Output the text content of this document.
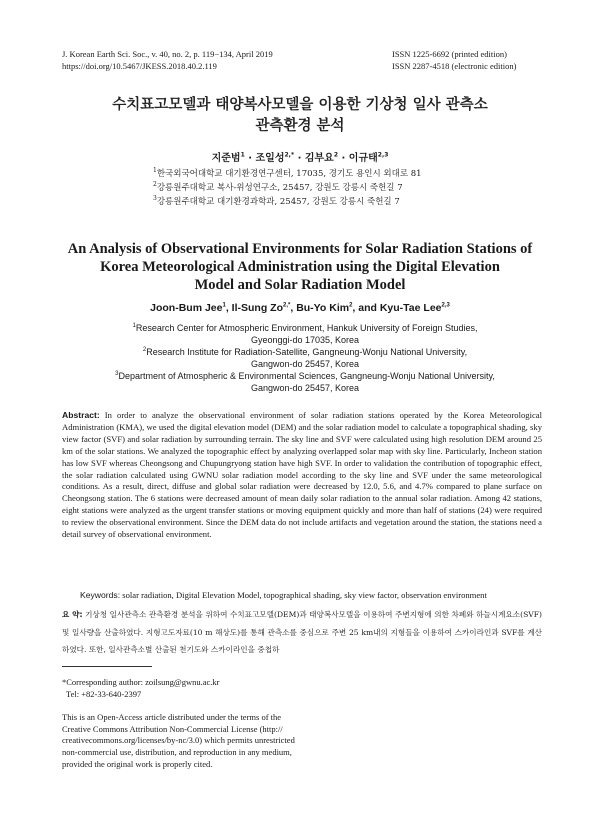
J. Korean Earth Sci. Soc., v. 40, no. 2, p. 119−134, April 2019
https://doi.org/10.5467/JKESS.2018.40.2.119
ISSN 1225-6692 (printed edition)
ISSN 2287-4518 (electronic edition)
수치표고모델과 태양복사모델을 이용한 기상청 일사 관측소
관측환경 분석
지준범$^1$ · 조일성$^{2,*}$ · 김부요$^2$ · 이규태$^{2,3}$
$^1$한국외국어대학교 대기환경연구센터, 17035, 경기도 용인시 외대로 81
$^2$강릉원주대학교 복사-위성연구소, 25457, 강원도 강릉시 죽헌길 7
$^3$강릉원주대학교 대기환경과학과, 25457, 강원도 강릉시 죽헌길 7
An Analysis of Observational Environments for Solar Radiation Stations of
Korea Meteorological Administration using the Digital Elevation
Model and Solar Radiation Model
Joon-Bum Jee$^1$, Il-Sung $Zo^{2,*}$, Bu-Yo Kim$^2$, and Kyu-Tae Lee$^{2,3}$
$^1$Research Center for Atmospheric Environment, Hankuk University of Foreign Studies,
Gyeonggi-do 17035, Korea
$^2$Research Institute for Radiation-Satellite, Gangneung-Wonju National University,
Gangwon-do 25457, Korea
$^3$Department of Atmospheric & Environmental Sciences, Gangneung-Wonju National University,
Gangwon-do 25457, Korea
Abstract: In order to analyze the observational environment of solar radiation stations operated by the Korea Meteorological Administration (KMA), we used the digital elevation model (DEM) and the solar radiation model to calculate a topographical shading, sky view factor (SVF) and solar radiation by surrounding terrain. The sky line and SVF were calculated using high resolution DEM around 25 km of the solar stations. We analyzed the topographic effect by analyzing overlapped solar map with sky line. Particularly, Incheon station has low SVF whereas Cheongsong and Chupungryong station have high SVF. In order to validation the contribution of topographic effect, the solar radiation calculated using GWNU solar radiation model according to the sky line and SVF under the same meteorological conditions. As a result, direct, diffuse and global solar radiation were decreased by 12.0, 5.6, and 4.7% compared to plane surface on Cheongsong station. The 6 stations were decreased amount of mean daily solar radiation to the annual solar radiation. Among 42 stations, eight stations were analyzed as the urgent transfer stations or moving equipment quickly and more than half of stations (24) were required to review the observational environment. Since the DEM data do not include artifacts and vegetation around the station, the stations need a detail survey of observational environment.
Keywords: solar radiation, Digital Elevation Model, topographical shading, sky view factor, observation environment
요 약: 기상청 일사관측소 관측환경 분석을 위하여 수치표고모델(DEM)과 태양복사모델을 이용하여 주변지형에 의한 차폐와 하늘시계요소(SVF) 및 일사량을 산출하였다. 지형고도자료(10 m 해상도)를 통해 관측소를 중심으로 주변 25 km내의 지형들을 이용하여 스카이라인과 SVF를 계산하였다. 또한, 일사관측소별 산출된 천기도와 스카이라인을 중첩하
*Corresponding author: zoilsung@gwnu.ac.kr
Tel: +82-33-640-2397
This is an Open-Access article distributed under the terms of the
Creative Commons Attribution Non-Commercial License (http://
creativecommons.org/licenses/by-nc/3.0) which permits unrestricted
non-commercial use, distribution, and reproduction in any medium,
provided the original work is properly cited.
